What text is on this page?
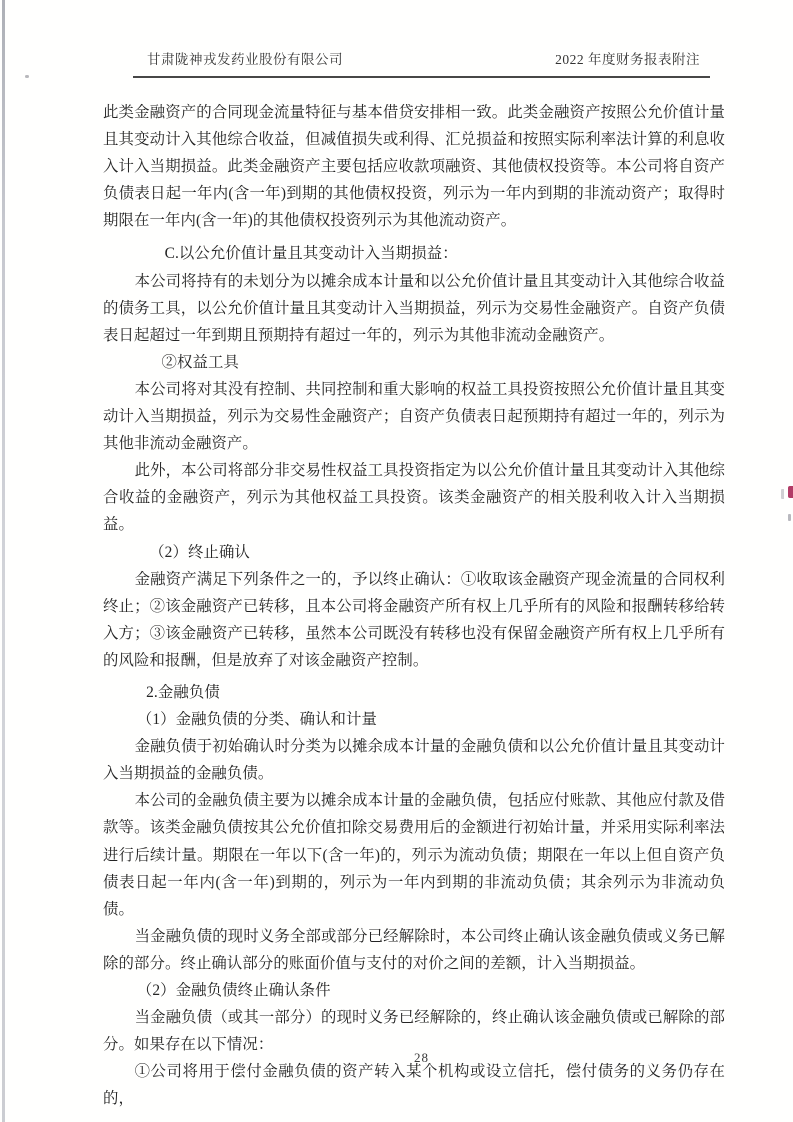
甘肃陇神戎发药业股份有限公司	2022 年度财务报表附注

此类金融资产的合同现金流量特征与基本借贷安排相一致。此类金融资产按照公允价值计量且其变动计入其他综合收益，但减值损失或利得、汇兑损益和按照实际利率法计算的利息收入计入当期损益。此类金融资产主要包括应收款项融资、其他债权投资等。本公司将自资产负债表日起一年内(含一年)到期的其他债权投资，列示为一年内到期的非流动资产；取得时期限在一年内(含一年)的其他债权投资列示为其他流动资产。

C.以公允价值计量且其变动计入当期损益：

本公司将持有的未划分为以摊余成本计量和以公允价值计量且其变动计入其他综合收益的债务工具，以公允价值计量且其变动计入当期损益，列示为交易性金融资产。自资产负债表日起超过一年到期且预期持有超过一年的，列示为其他非流动金融资产。

②权益工具

本公司将对其没有控制、共同控制和重大影响的权益工具投资按照公允价值计量且其变动计入当期损益，列示为交易性金融资产；自资产负债表日起预期持有超过一年的，列示为其他非流动金融资产。

此外，本公司将部分非交易性权益工具投资指定为以公允价值计量且其变动计入其他综合收益的金融资产，列示为其他权益工具投资。该类金融资产的相关股利收入计入当期损益。

（2）终止确认

金融资产满足下列条件之一的，予以终止确认：①收取该金融资产现金流量的合同权利终止；②该金融资产已转移，且本公司将金融资产所有权上几乎所有的风险和报酬转移给转入方；③该金融资产已转移，虽然本公司既没有转移也没有保留金融资产所有权上几乎所有的风险和报酬，但是放弃了对该金融资产控制。

2.金融负债

（1）金融负债的分类、确认和计量

金融负债于初始确认时分类为以摊余成本计量的金融负债和以公允价值计量且其变动计入当期损益的金融负债。

本公司的金融负债主要为以摊余成本计量的金融负债，包括应付账款、其他应付款及借款等。该类金融负债按其公允价值扣除交易费用后的金额进行初始计量，并采用实际利率法进行后续计量。期限在一年以下(含一年)的，列示为流动负债；期限在一年以上但自资产负债表日起一年内(含一年)到期的，列示为一年内到期的非流动负债；其余列示为非流动负债。

当金融负债的现时义务全部或部分已经解除时，本公司终止确认该金融负债或义务已解除的部分。终止确认部分的账面价值与支付的对价之间的差额，计入当期损益。

（2）金融负债终止确认条件

当金融负债（或其一部分）的现时义务已经解除的，终止确认该金融负债或已解除的部分。如果存在以下情况：

①公司将用于偿付金融负债的资产转入某个机构或设立信托，偿付债务的义务仍存在的，

28
